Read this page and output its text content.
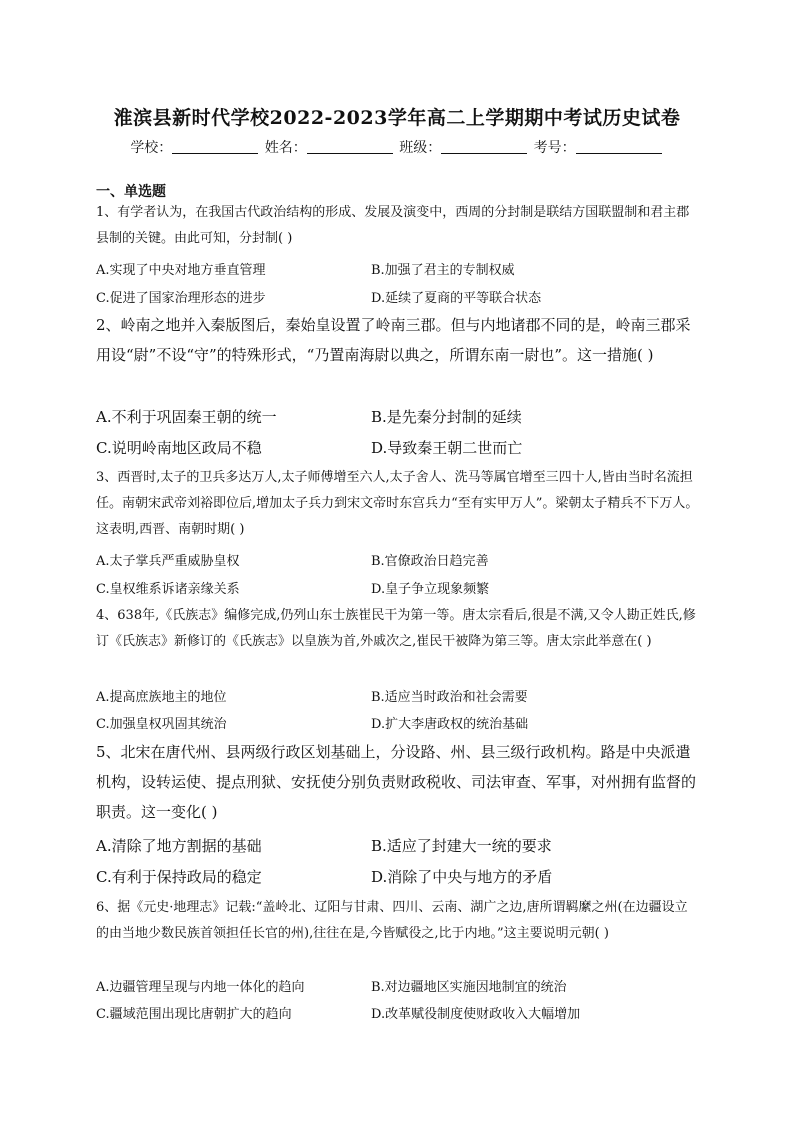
淮滨县新时代学校2022-2023学年高二上学期期中考试历史试卷
学校：	姓名：	班级：	考号：
一、单选题
1、有学者认为，在我国古代政治结构的形成、发展及演变中，西周的分封制是联结方国联盟制和君主郡县制的关键。由此可知，分封制( )
A.实现了中央对地方垂直管理	B.加强了君主的专制权威
C.促进了国家治理形态的进步	D.延续了夏商的平等联合状态
2、岭南之地并入秦版图后，秦始皇设置了岭南三郡。但与内地诸郡不同的是，岭南三郡采用设“尉”不设“守”的特殊形式，“乃置南海尉以典之，所谓东南一尉也”。这一措施( )
A.不利于巩固秦王朝的统一	B.是先秦分封制的延续
C.说明岭南地区政局不稳	D.导致秦王朝二世而亡
3、西晋时,太子的卫兵多达万人,太子师傅增至六人,太子舍人、洗马等属官增至三四十人,皆由当时名流担任。南朝宋武帝刘裕即位后,增加太子兵力到宋文帝时东宫兵力“至有实甲万人”。梁朝太子精兵不下万人。这表明,西晋、南朝时期( )
A.太子掌兵严重威胁皇权	B.官僚政治日趋完善
C.皇权维系诉诸亲缘关系	D.皇子争立现象频繁
4、638年,《氏族志》编修完成,仍列山东士族崔民干为第一等。唐太宗看后,很是不满,又令人勘正姓氏,修订《氏族志》新修订的《氏族志》以皇族为首,外戚次之,崔民干被降为第三等。唐太宗此举意在( )
A.提高庶族地主的地位	B.适应当时政治和社会需要
C.加强皇权巩固其统治	D.扩大李唐政权的统治基础
5、北宋在唐代州、县两级行政区划基础上，分设路、州、县三级行政机构。路是中央派遣机构，设转运使、提点刑狱、安抚使分别负责财政税收、司法审查、军事，对州拥有监督的职责。这一变化( )
A.清除了地方割据的基础	B.适应了封建大一统的要求
C.有利于保持政局的稳定	D.消除了中央与地方的矛盾
6、据《元史·地理志》记载:“盖岭北、辽阳与甘肃、四川、云南、湖广之边,唐所谓羁縻之州(在边疆设立的由当地少数民族首领担任长官的州),往往在是,今皆赋役之,比于内地。”这主要说明元朝( )
A.边疆管理呈现与内地一体化的趋向	B.对边疆地区实施因地制宜的统治
C.疆域范围出现比唐朝扩大的趋向	D.改革赋役制度使财政收入大幅增加
